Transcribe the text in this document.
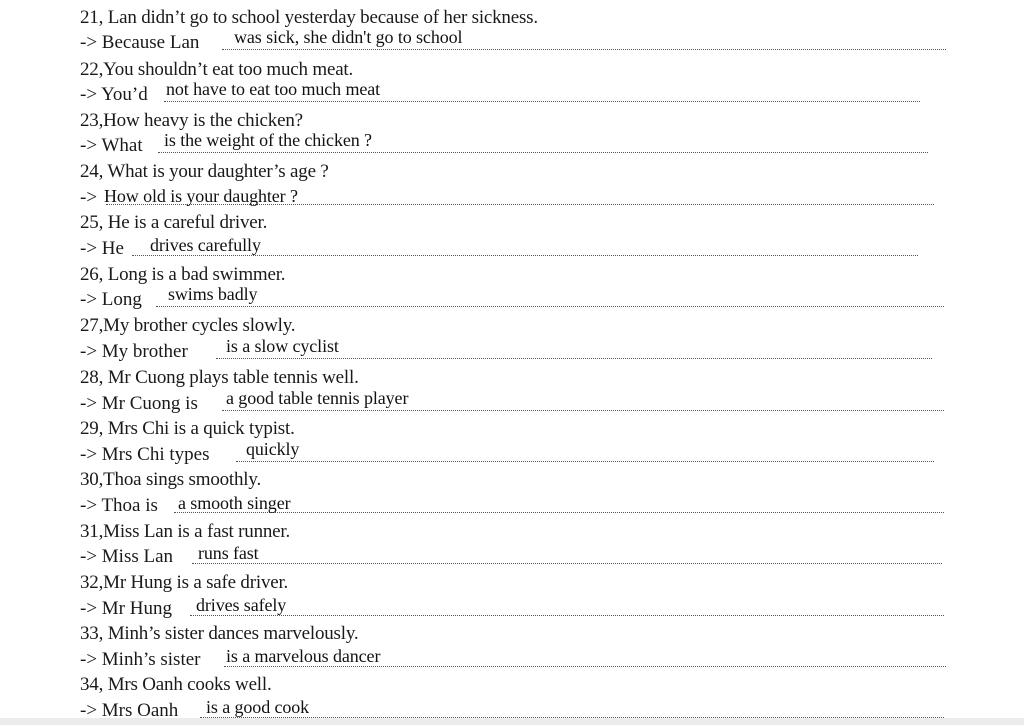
21, Lan didn’t go to school yesterday because of her sickness.
-> Because Lan was sick, she didn't go to school
22,You shouldn’t eat too much meat.
-> You’d not have to eat too much meat
23,How heavy is the chicken?
-> What is the weight of the chicken ?
24, What is your daughter’s age ?
-> How old is your daughter ?
25, He is a careful driver.
-> He drives carefully
26, Long is a bad swimmer.
-> Long swims badly
27,My brother cycles slowly.
-> My brother is a slow cyclist
28, Mr Cuong plays table tennis well.
-> Mr Cuong is a good table tennis player
29, Mrs Chi is a quick typist.
-> Mrs Chi types quickly
30,Thoa sings smoothly.
-> Thoa is a smooth singer
31,Miss Lan is a fast runner.
-> Miss Lan runs fast
32,Mr Hung is a safe driver.
-> Mr Hung drives safely
33, Minh’s sister dances marvelously.
-> Minh’s sister is a marvelous dancer
34, Mrs Oanh cooks well.
-> Mrs Oanh is a good cook
